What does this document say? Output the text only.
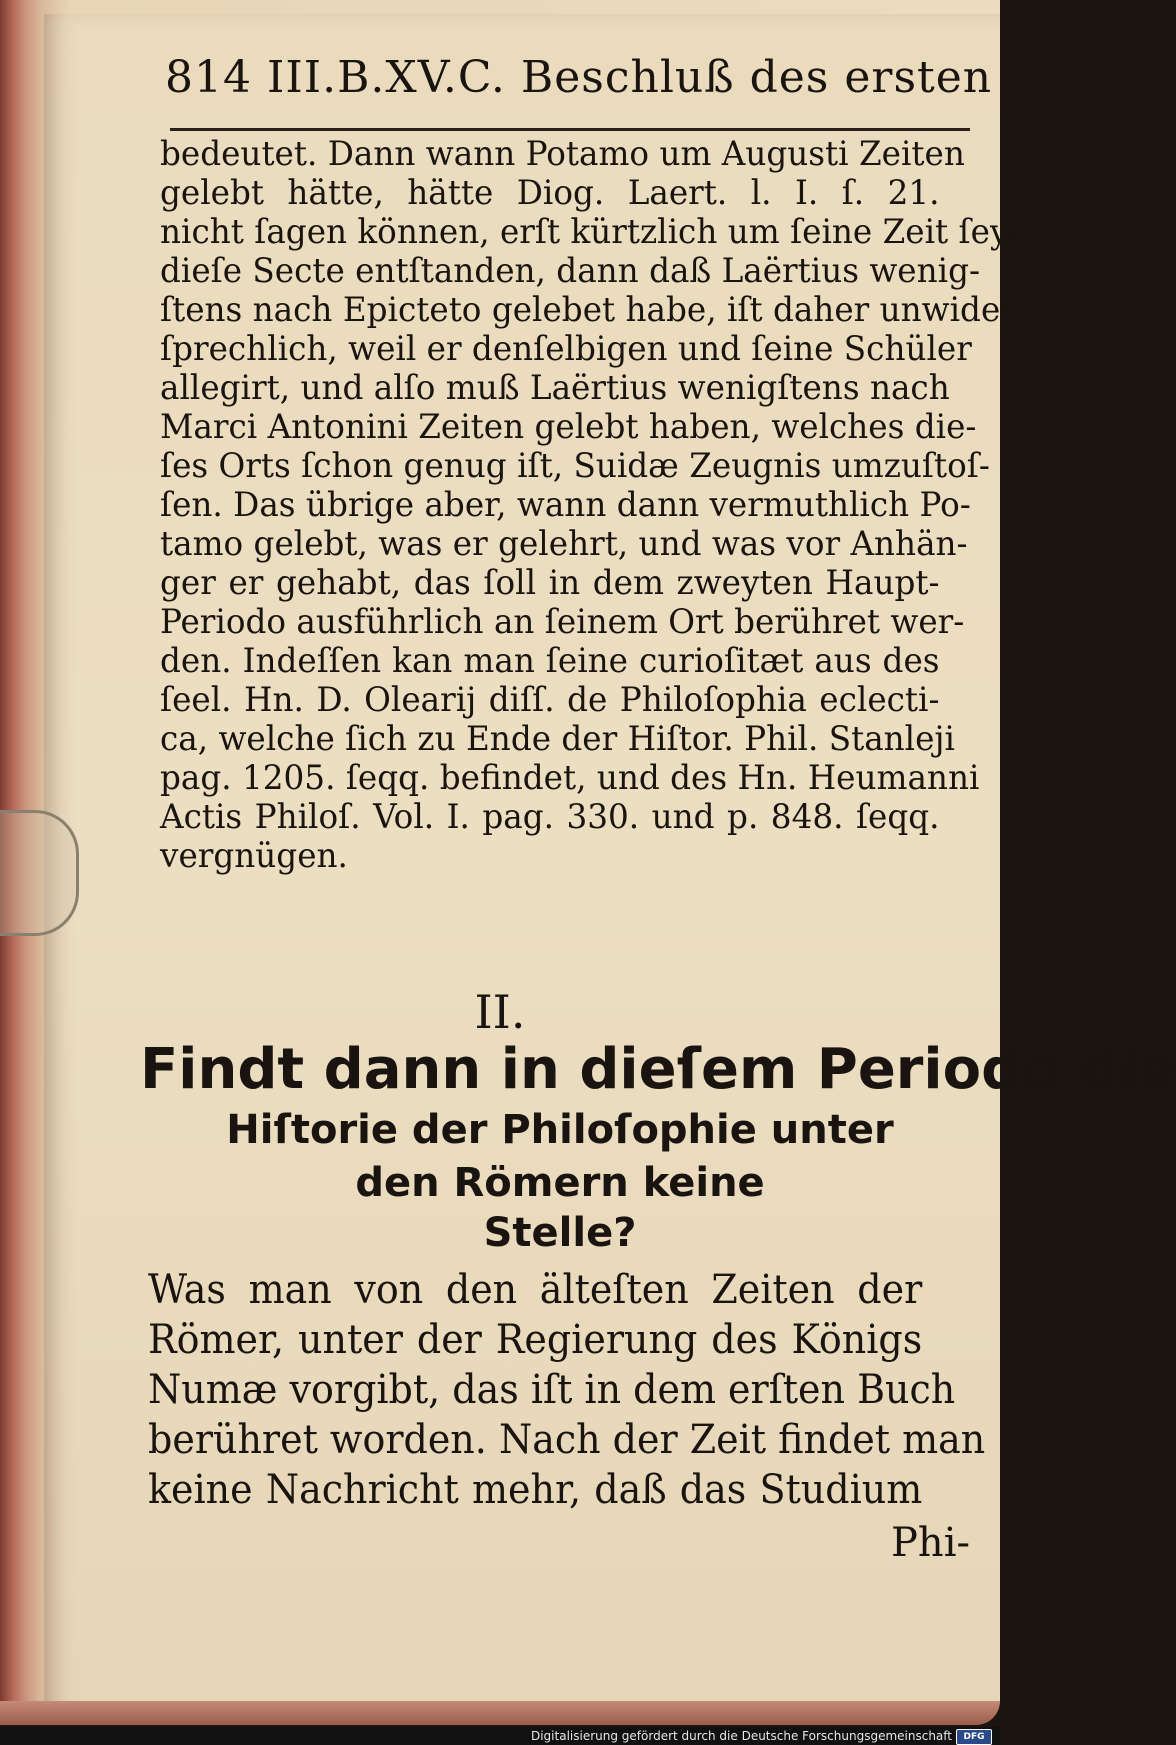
814 III.B.XV.C. Beschluß des ersten
bedeutet. Dann wann Potamo um Augusti Zeiten
gelebt hätte, hätte Diog. Laert. l. I. ſ. 21.
nicht ſagen können, erſt kürtzlich um ſeine Zeit ſeye
dieſe Secte entſtanden, dann daß Laërtius wenig-
ſtens nach Epicteto gelebet habe, iſt daher unwider-
ſprechlich, weil er denſelbigen und ſeine Schüler
allegirt, und alſo muß Laërtius wenigſtens nach
Marci Antonini Zeiten gelebt haben, welches die-
ſes Orts ſchon genug iſt, Suidæ Zeugnis umzuſtoſ-
ſen. Das übrige aber, wann dann vermuthlich Po-
tamo gelebt, was er gelehrt, und was vor Anhän-
ger er gehabt, das ſoll in dem zweyten Haupt-
Periodo ausführlich an ſeinem Ort berühret wer-
den. Indeſſen kan man ſeine curioſitæt aus des
ſeel. Hn. D. Olearij diſſ. de Philoſophia eclecti-
ca, welche ſich zu Ende der Hiſtor. Phil. Stanleji
pag. 1205. ſeqq. befindet, und des Hn. Heumanni
Actis Philoſ. Vol. I. pag. 330. und p. 848. ſeqq.
vergnügen.
II.
Findt dann in dieſem Periodo die
Hiſtorie der Philoſophie unter
den Römern keine
Stelle?
Was man von den älteſten Zeiten der
Römer, unter der Regierung des Königs
Numæ vorgibt, das iſt in dem erſten Buch
berühret worden. Nach der Zeit findet man
keine Nachricht mehr, daß das Studium
Phi-
Digitalisierung gefördert durch die Deutsche Forschungsgemeinschaft	DFG
